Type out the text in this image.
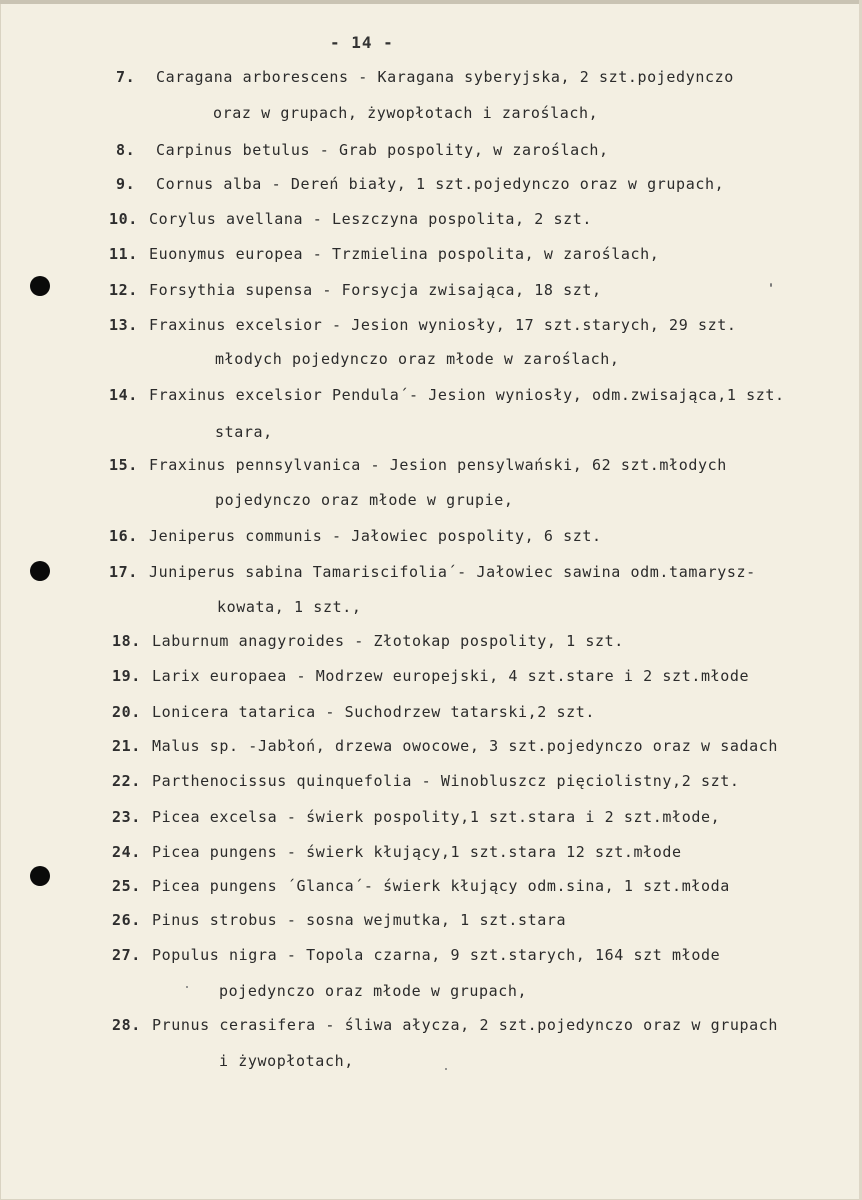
- 14 -
7. Caragana arborescens - Karagana syberyjska, 2 szt.pojedynczo
oraz w grupach, żywopłotach i zaroślach,
8. Carpinus betulus - Grab pospolity, w zaroślach,
9. Cornus alba - Dereń biały, 1 szt.pojedynczo oraz w grupach,
10. Corylus avellana - Leszczyna pospolita, 2 szt.
11. Euonymus europea - Trzmielina pospolita, w zaroślach,
12. Forsythia supensa - Forsycja zwisająca, 18 szt,
13. Fraxinus excelsior - Jesion wyniosły, 17 szt.starych, 29 szt.
młodych pojedynczo oraz młode w zaroślach,
14. Fraxinus excelsior Pendula´- Jesion wyniosły, odm.zwisająca,1 szt.
stara,
15. Fraxinus pennsylvanica - Jesion pensylwański, 62 szt.młodych
pojedynczo oraz młode w grupie,
16. Jeniperus communis - Jałowiec pospolity, 6 szt.
17. Juniperus sabina Tamariscifolia´- Jałowiec sawina odm.tamarysz-
kowata, 1 szt.,
18. Laburnum anagyroides - Złotokap pospolity, 1 szt.
19. Larix europaea - Modrzew europejski, 4 szt.stare i 2 szt.młode
20. Lonicera tatarica - Suchodrzew tatarski,2 szt.
21. Malus sp. -Jabłoń, drzewa owocowe, 3 szt.pojedynczo oraz w sadach
22. Parthenocissus quinquefolia - Winobluszcz pięciolistny,2 szt.
23. Picea excelsa - świerk pospolity,1 szt.stara i 2 szt.młode,
24. Picea pungens - świerk kłujący,1 szt.stara 12 szt.młode
25. Picea pungens ´Glanca´- świerk kłujący odm.sina, 1 szt.młoda
26. Pinus strobus - sosna wejmutka, 1 szt.stara
27. Populus nigra - Topola czarna, 9 szt.starych, 164 szt młode
pojedynczo oraz młode w grupach,
28. Prunus cerasifera - śliwa ałycza, 2 szt.pojedynczo oraz w grupach
i żywopłotach,
